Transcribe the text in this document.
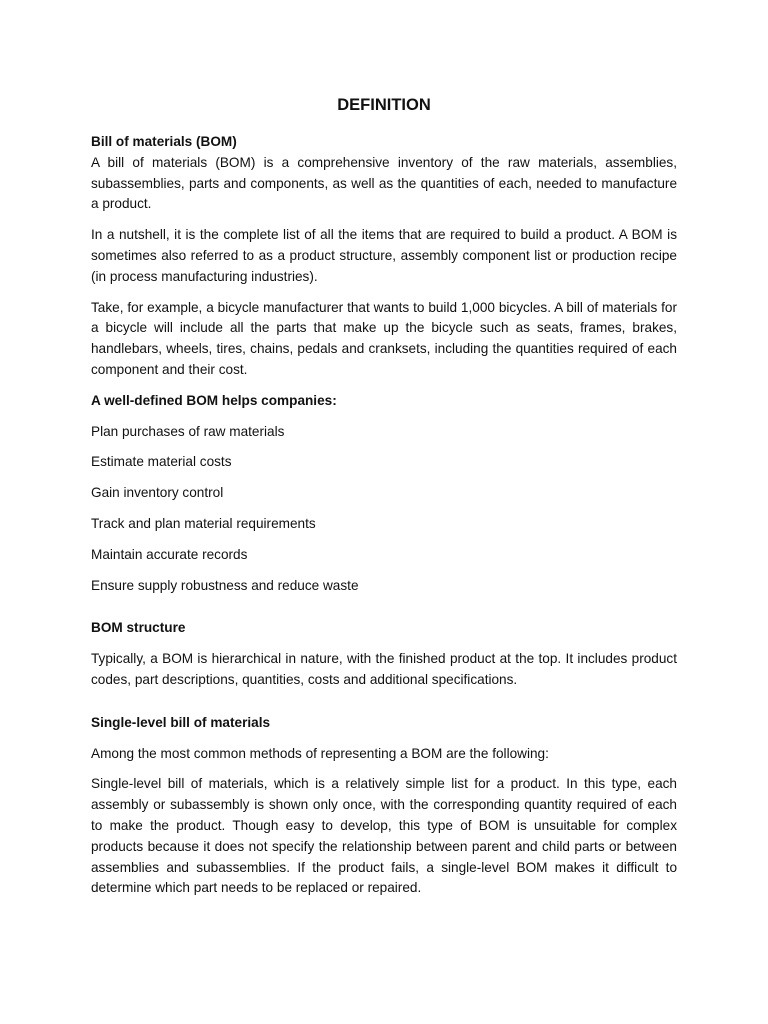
DEFINITION

Bill of materials (BOM)

A bill of materials (BOM) is a comprehensive inventory of the raw materials, assemblies, subassemblies, parts and components, as well as the quantities of each, needed to manufacture a product.

In a nutshell, it is the complete list of all the items that are required to build a product. A BOM is sometimes also referred to as a product structure, assembly component list or production recipe (in process manufacturing industries).

Take, for example, a bicycle manufacturer that wants to build 1,000 bicycles. A bill of materials for a bicycle will include all the parts that make up the bicycle such as seats, frames, brakes, handlebars, wheels, tires, chains, pedals and cranksets, including the quantities required of each component and their cost.

A well-defined BOM helps companies:

Plan purchases of raw materials

Estimate material costs

Gain inventory control

Track and plan material requirements

Maintain accurate records

Ensure supply robustness and reduce waste

BOM structure

Typically, a BOM is hierarchical in nature, with the finished product at the top. It includes product codes, part descriptions, quantities, costs and additional specifications.

Single-level bill of materials

Among the most common methods of representing a BOM are the following:

Single-level bill of materials, which is a relatively simple list for a product. In this type, each assembly or subassembly is shown only once, with the corresponding quantity required of each to make the product. Though easy to develop, this type of BOM is unsuitable for complex products because it does not specify the relationship between parent and child parts or between assemblies and subassemblies. If the product fails, a single-level BOM makes it difficult to determine which part needs to be replaced or repaired.
